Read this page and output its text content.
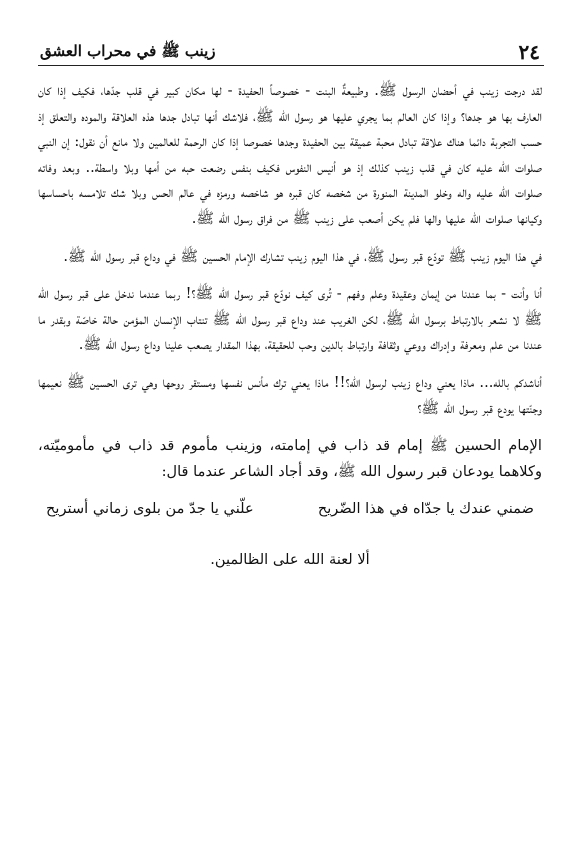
٢٤
زينب ﷺ في محراب العشق

لقد درجت زينب في أحضان الرسول ﷺ. وطبيعةٌ البنت - خصوصاً الحفيدة - لها مكان كبير في قلب جدّها، فكيف إذا كان العارف بها هو جدها؟ وإذا كان العالم بما يجري عليها هو رسول الله ﷺ، فلاشك أنها تبادل جدها هذه العلاقة والموده والتعلق إذ حسب التجربة دائما هناك علاقة تبادل محبة عميقة بين الحفيدة وجدها خصوصا إذا كان الرحمة للعالمين ولا مانع أن نقول: إن النبي صلوات الله عليه كان في قلب زينب كذلك إذ هو أنيس النفوس فكيف بنفس رضعت حبه من أمها وبلا واسطة.. وبعد وفاته صلوات الله عليه واله وخلو المدينة المنورة من شخصه كان قبره هو شاخصه ورمزه في عالم الحس وبلا شك تلامسه باحساسها وكيانها صلوات الله عليها والها فلم يكن أصعب على زينب ﷺ من فراق رسول الله ﷺ.

في هذا اليوم زينب ﷺ تودّع قبر رسول ﷺ، في هذا اليوم زينب تشارك الإمام الحسين ﷺ في وداع قبر رسول الله ﷺ.

أنا وأنت - بما عندنا من إيمان وعقيدة وعلم وفهم - تُرى كيف نودّع قبر رسول الله ﷺ؟! ربما عندما ندخل على قبر رسول الله ﷺ لا نشعر بالارتباط برسول الله ﷺ، لكن الغريب عند وداع قبر رسول الله ﷺ تنتاب الإنسان المؤمن حالة خاصّة وبقدر ما عندنا من علم ومعرفة وإدراك ووعي وثقافة وارتباط بالدين وحب للحقيقة، بهذا المقدار يصعب علينا وداع رسول الله ﷺ.

أناشدكم بالله... ماذا يعني وداع زينب لرسول الله؟!! ماذا يعني ترك مأنس نفسها ومستقر روحها وهي ترى الحسين ﷺ نعيمها وجنّتها يودع قبر رسول الله ﷺ؟

الإمام الحسين ﷺ إمام قد ذاب في إمامته، وزينب مأموم قد ذاب في مأموميّته، وكلاهما يودعان قبر رسول الله ﷺ، وقد أجاد الشاعر عندما قال:

ضمني عندك يا جدّاه في هذا الضّريح
علّني يا جدّ من بلوى زماني أستريح
ألا لعنة الله على الظالمين.
